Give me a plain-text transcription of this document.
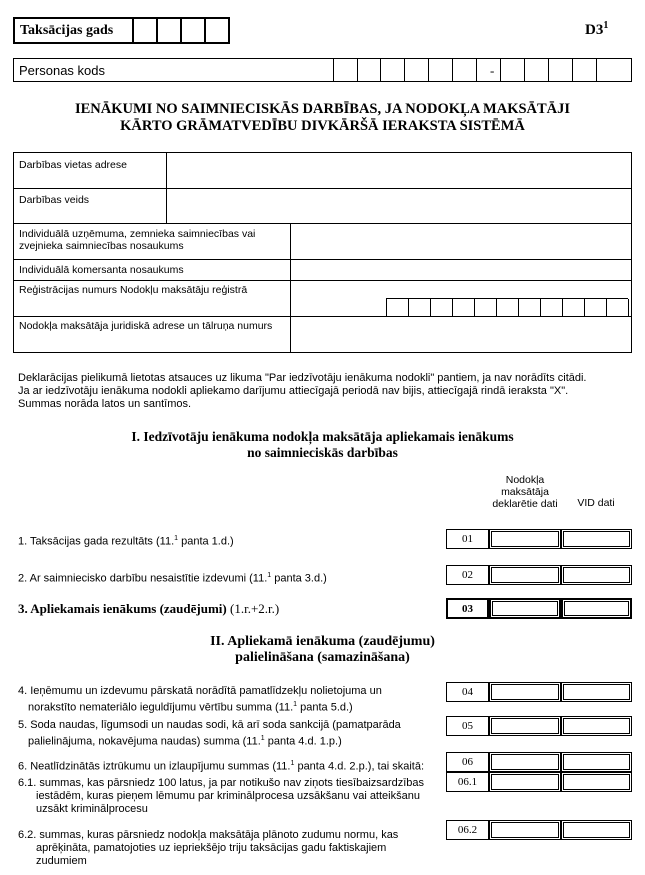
Taksācijas gads	$D3^1$
Personas kods	-
IENĀKUMI NO SAIMNIECISKĀS DARBĪBAS, JA NODOKĻA MAKSĀTĀJI
KĀRTO GRĀMATVEDĪBU DIVKĀRŠĀ IERAKSTA SISTĒMĀ
Darbības vietas adrese
Darbības veids
Individuālā uzņēmuma, zemnieka saimniecības vai zvejnieka saimniecības nosaukums
Individuālā komersanta nosaukums
Reģistrācijas numurs Nodokļu maksātāju reģistrā
Nodokļa maksātāja juridiskā adrese un tālruņa numurs
Deklarācijas pielikumā lietotas atsauces uz likuma "Par iedzīvotāju ienākuma nodokli" pantiem, ja nav norādīts citādi.
Ja ar iedzīvotāju ienākuma nodokli apliekamo darījumu attiecīgajā periodā nav bijis, attiecīgajā rindā ieraksta "X".
Summas norāda latos un santīmos.
I. Iedzīvotāju ienākuma nodokļa maksātāja apliekamais ienākums
no saimnieciskās darbības
Nodokļa maksātāja deklarētie dati	VID dati
1. Taksācijas gada rezultāts (11.$^1$ panta 1.d.)	01
2. Ar saimniecisko darbību nesaistītie izdevumi (11.$^1$ panta 3.d.)	02
3. Apliekamais ienākums (zaudējumi) (1.r.+2.r.)	03
II. Apliekamā ienākuma (zaudējumu)
palielināšana (samazināšana)
4. Ieņēmumu un izdevumu pārskatā norādītā pamatlīdzekļu nolietojuma un
norakstīto nemateriālo ieguldījumu vērtību summa (11.$^1$ panta 5.d.)
04
5. Soda naudas, līgumsodi un naudas sodi, kā arī soda sankcijā (pamatparāda
palielinājuma, nokavējuma naudas) summa (11.$^1$ panta 4.d. 1.p.)
05
6. Neatlīdzinātās iztrūkumu un izlaupījumu summas (11.$^1$ panta 4.d. 2.p.), tai skaitā:	06
6.1. summas, kas pārsniedz 100 latus, ja par notikušo nav ziņots tiesībaizsardzības
iestādēm, kuras pieņem lēmumu par kriminālprocesa uzsākšanu vai atteikšanu
uzsākt kriminālprocesu
06.1
6.2. summas, kuras pārsniedz nodokļa maksātāja plānoto zudumu normu, kas
aprēķināta, pamatojoties uz iepriekšējo triju taksācijas gadu faktiskajiem
zudumiem
06.2
